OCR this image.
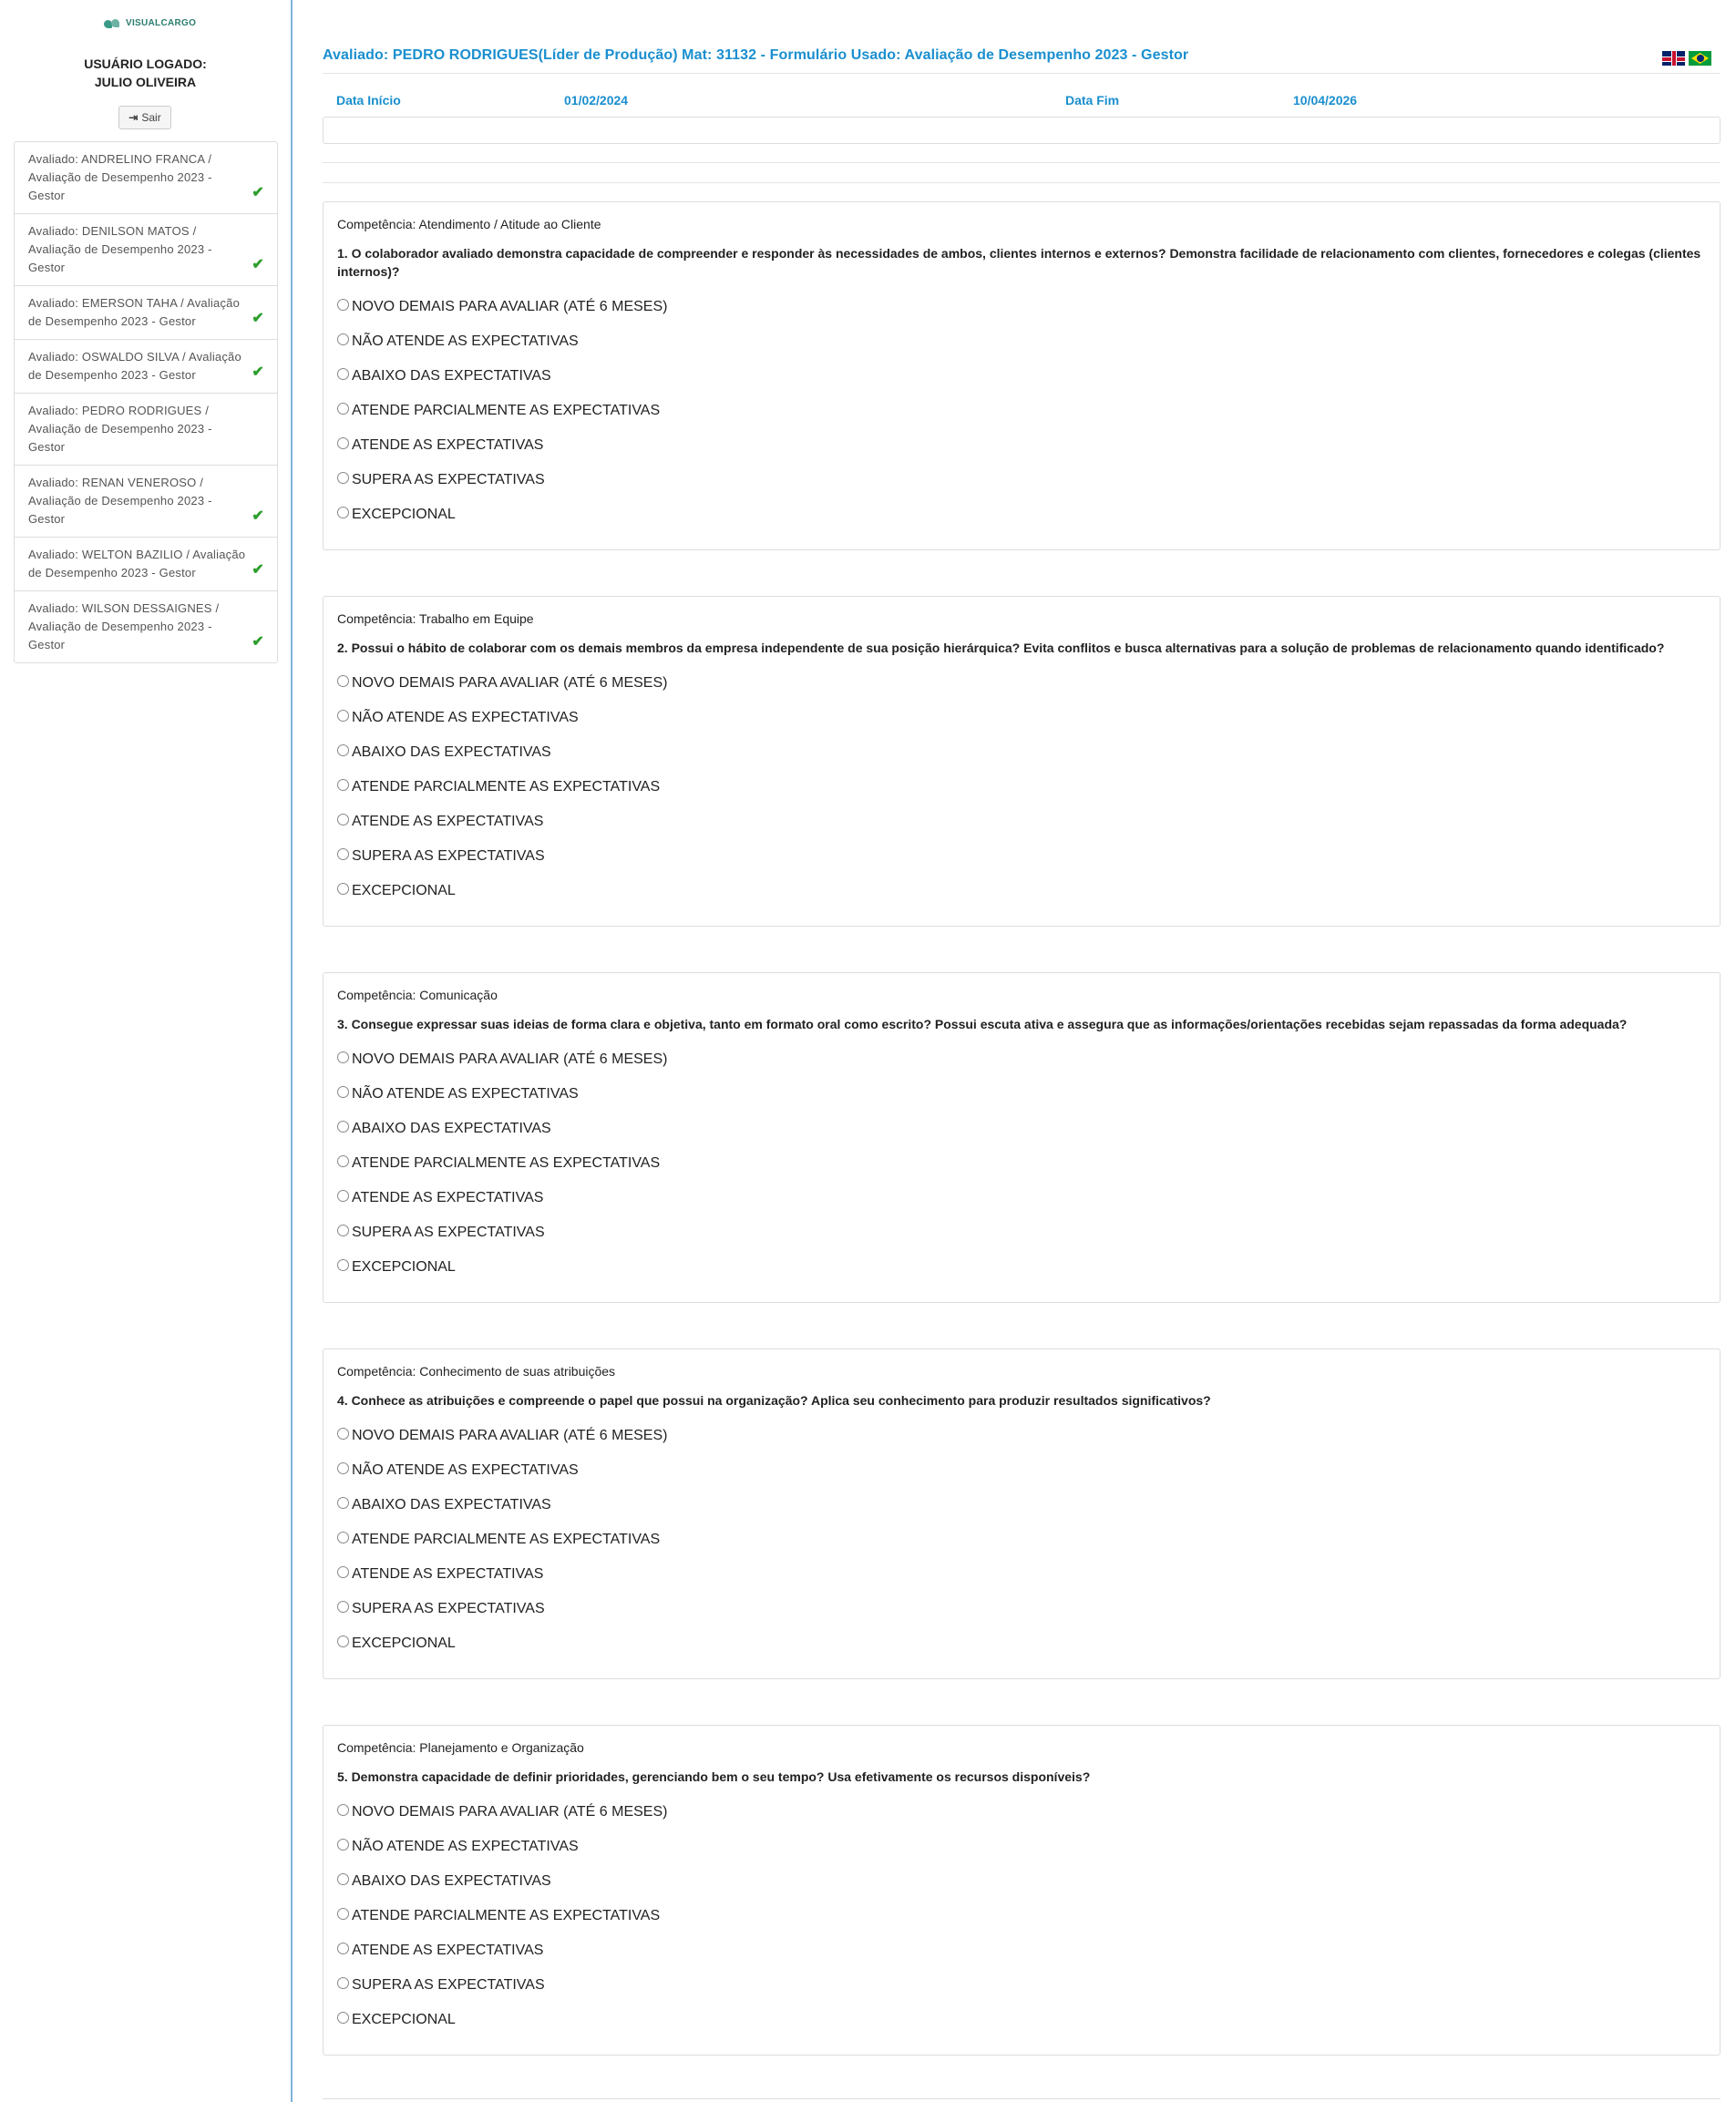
VISUALCARGO
USUÁRIO LOGADO:
JULIO OLIVEIRA
⇥ Sair
Avaliado: ANDRELINO FRANCA / Avaliação de Desempenho 2023 - Gestor	✔
Avaliado: DENILSON MATOS / Avaliação de Desempenho 2023 - Gestor	✔
Avaliado: EMERSON TAHA / Avaliação de Desempenho 2023 - Gestor	✔
Avaliado: OSWALDO SILVA / Avaliação de Desempenho 2023 - Gestor	✔
Avaliado: PEDRO RODRIGUES / Avaliação de Desempenho 2023 - Gestor
Avaliado: RENAN VENEROSO / Avaliação de Desempenho 2023 - Gestor	✔
Avaliado: WELTON BAZILIO / Avaliação de Desempenho 2023 - Gestor	✔
Avaliado: WILSON DESSAIGNES / Avaliação de Desempenho 2023 - Gestor	✔
Avaliado: PEDRO RODRIGUES(Líder de Produção) Mat: 31132 - Formulário Usado: Avaliação de Desempenho 2023 - Gestor
Data Início	01/02/2024	Data Fim	10/04/2026
Competência: Atendimento / Atitude ao Cliente
1. O colaborador avaliado demonstra capacidade de compreender e responder às necessidades de ambos, clientes internos e externos? Demonstra facilidade de relacionamento com clientes, fornecedores e colegas (clientes internos)?
NOVO DEMAIS PARA AVALIAR (ATÉ 6 MESES)
NÃO ATENDE AS EXPECTATIVAS
ABAIXO DAS EXPECTATIVAS
ATENDE PARCIALMENTE AS EXPECTATIVAS
ATENDE AS EXPECTATIVAS
SUPERA AS EXPECTATIVAS
EXCEPCIONAL
Competência: Trabalho em Equipe
2. Possui o hábito de colaborar com os demais membros da empresa independente de sua posição hierárquica? Evita conflitos e busca alternativas para a solução de problemas de relacionamento quando identificado?
NOVO DEMAIS PARA AVALIAR (ATÉ 6 MESES)
NÃO ATENDE AS EXPECTATIVAS
ABAIXO DAS EXPECTATIVAS
ATENDE PARCIALMENTE AS EXPECTATIVAS
ATENDE AS EXPECTATIVAS
SUPERA AS EXPECTATIVAS
EXCEPCIONAL
Competência: Comunicação
3. Consegue expressar suas ideias de forma clara e objetiva, tanto em formato oral como escrito? Possui escuta ativa e assegura que as informações/orientações recebidas sejam repassadas da forma adequada?
NOVO DEMAIS PARA AVALIAR (ATÉ 6 MESES)
NÃO ATENDE AS EXPECTATIVAS
ABAIXO DAS EXPECTATIVAS
ATENDE PARCIALMENTE AS EXPECTATIVAS
ATENDE AS EXPECTATIVAS
SUPERA AS EXPECTATIVAS
EXCEPCIONAL
Competência: Conhecimento de suas atribuições
4. Conhece as atribuições e compreende o papel que possui na organização? Aplica seu conhecimento para produzir resultados significativos?
NOVO DEMAIS PARA AVALIAR (ATÉ 6 MESES)
NÃO ATENDE AS EXPECTATIVAS
ABAIXO DAS EXPECTATIVAS
ATENDE PARCIALMENTE AS EXPECTATIVAS
ATENDE AS EXPECTATIVAS
SUPERA AS EXPECTATIVAS
EXCEPCIONAL
Competência: Planejamento e Organização
5. Demonstra capacidade de definir prioridades, gerenciando bem o seu tempo? Usa efetivamente os recursos disponíveis?
NOVO DEMAIS PARA AVALIAR (ATÉ 6 MESES)
NÃO ATENDE AS EXPECTATIVAS
ABAIXO DAS EXPECTATIVAS
ATENDE PARCIALMENTE AS EXPECTATIVAS
ATENDE AS EXPECTATIVAS
SUPERA AS EXPECTATIVAS
EXCEPCIONAL
